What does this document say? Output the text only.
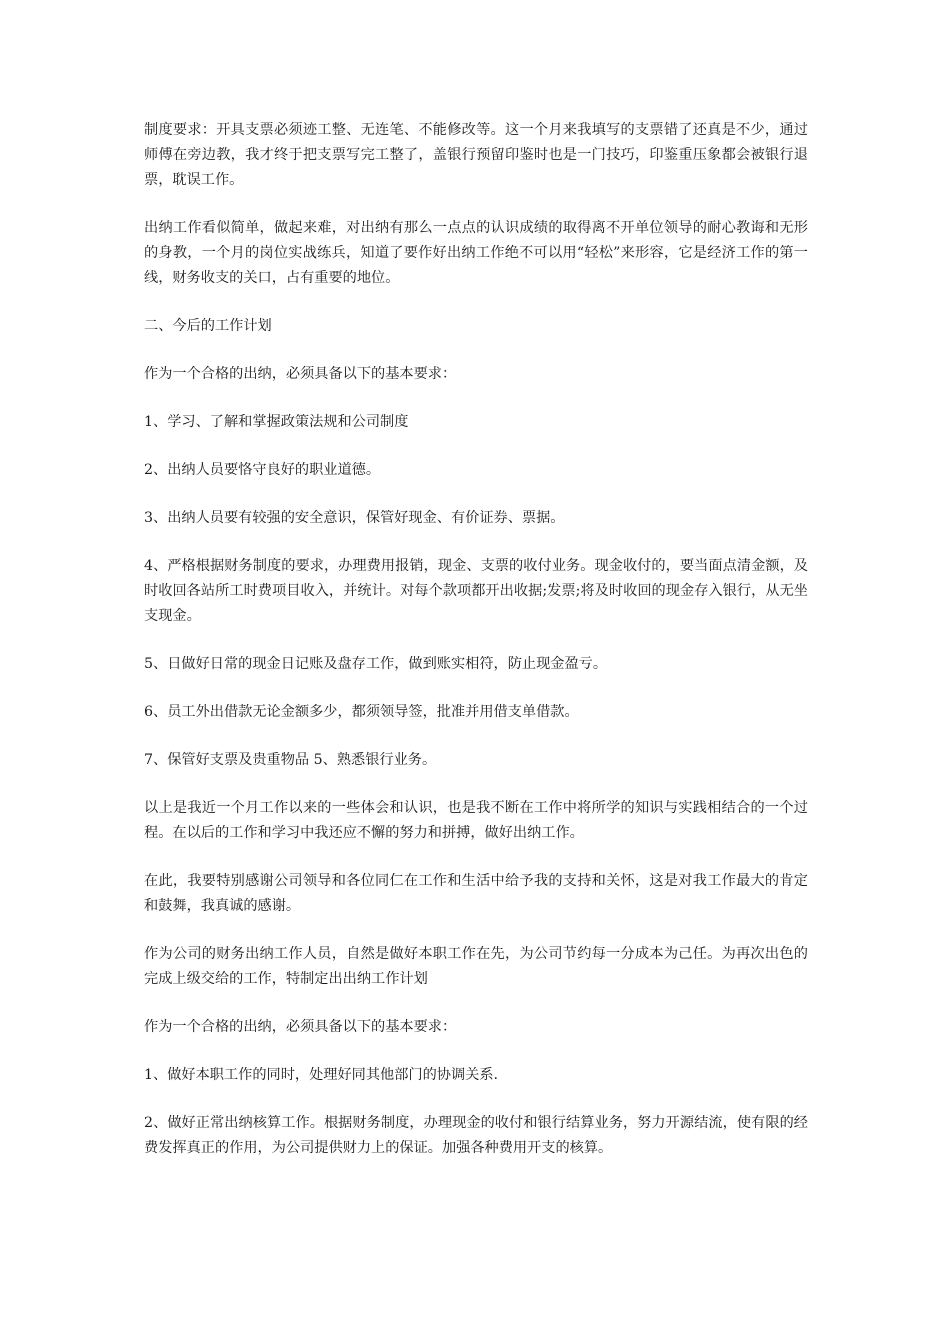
制度要求：开具支票必须迹工整、无连笔、不能修改等。这一个月来我填写的支票错了还真是不少，通过师傅在旁边教，我才终于把支票写完工整了，盖银行预留印鉴时也是一门技巧，印鉴重压象都会被银行退票，耽误工作。

出纳工作看似简单，做起来难，对出纳有那么一点点的认识成绩的取得离不开单位领导的耐心教诲和无形的身教，一个月的岗位实战练兵，知道了要作好出纳工作绝不可以用“轻松”来形容，它是经济工作的第一线，财务收支的关口，占有重要的地位。

二、今后的工作计划

作为一个合格的出纳，必须具备以下的基本要求：

1、学习、了解和掌握政策法规和公司制度

2、出纳人员要恪守良好的职业道德。

3、出纳人员要有较强的安全意识，保管好现金、有价证券、票据。

4、严格根据财务制度的要求，办理费用报销，现金、支票的收付业务。现金收付的，要当面点清金额，及时收回各站所工时费项目收入，并统计。对每个款项都开出收据;发票;将及时收回的现金存入银行，从无坐支现金。

5、日做好日常的现金日记账及盘存工作，做到账实相符，防止现金盈亏。

6、员工外出借款无论金额多少，都须领导签，批准并用借支单借款。

7、保管好支票及贵重物品 5、熟悉银行业务。

以上是我近一个月工作以来的一些体会和认识，也是我不断在工作中将所学的知识与实践相结合的一个过程。在以后的工作和学习中我还应不懈的努力和拼搏，做好出纳工作。

在此，我要特别感谢公司领导和各位同仁在工作和生活中给予我的支持和关怀，这是对我工作最大的肯定和鼓舞，我真诚的感谢。

作为公司的财务出纳工作人员，自然是做好本职工作在先，为公司节约每一分成本为己任。为再次出色的完成上级交给的工作，特制定出出纳工作计划

作为一个合格的出纳，必须具备以下的基本要求：

1、做好本职工作的同时，处理好同其他部门的协调关系.

2、做好正常出纳核算工作。根据财务制度，办理现金的收付和银行结算业务，努力开源结流，使有限的经费发挥真正的作用，为公司提供财力上的保证。加强各种费用开支的核算。
